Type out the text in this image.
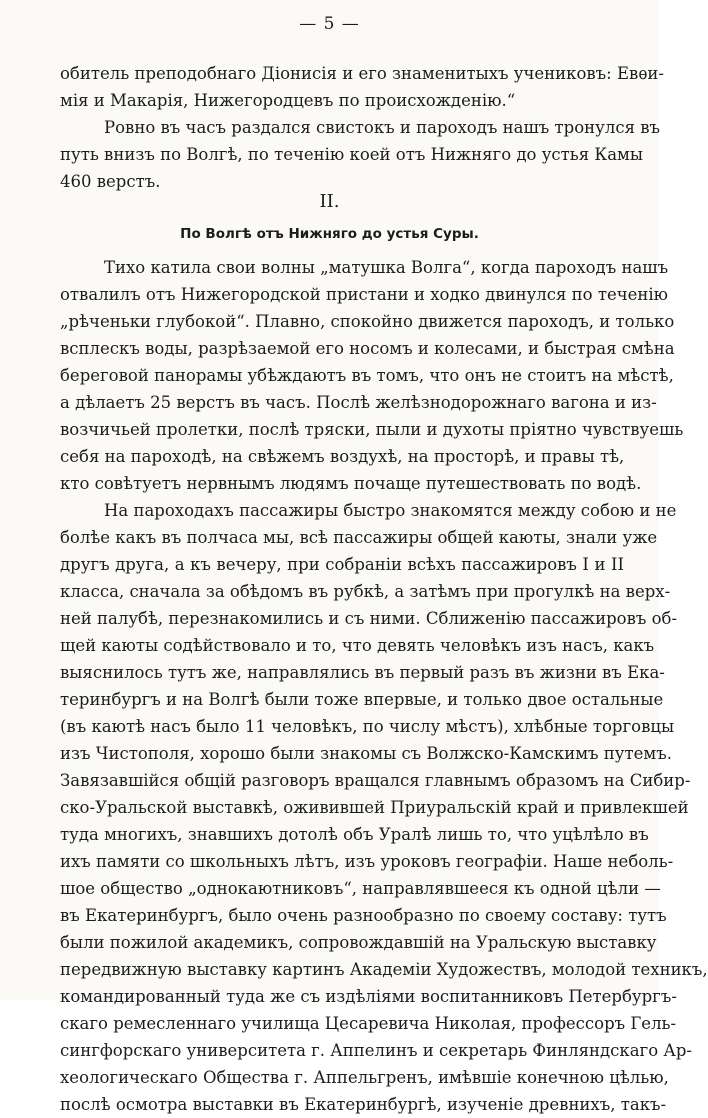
— 5 —
обитель преподобнаго Діонисія и его знаменитыхъ учениковъ: Евѳи-
мія и Макарія, Нижегородцевъ по происхожденію.“
Ровно въ часъ раздался свистокъ и пароходъ нашъ тронулся въ
путь внизъ по Волгѣ, по теченію коей отъ Нижняго до устья Камы
460 верстъ.
II.
По Волгѣ отъ Нижняго до устья Суры.
Тихо катила свои волны „матушка Волга“, когда пароходъ нашъ
отвалилъ отъ Нижегородской пристани и ходко двинулся по теченію
„рѣченьки глубокой“. Плавно, спокойно движется пароходъ, и только
всплескъ воды, разрѣзаемой его носомъ и колесами, и быстрая смѣна
береговой панорамы убѣждаютъ въ томъ, что онъ не стоитъ на мѣстѣ,
а дѣлаетъ 25 верстъ въ часъ. Послѣ желѣзнодорожнаго вагона и из-
возчичьей пролетки, послѣ тряски, пыли и духоты пріятно чувствуешь
себя на пароходѣ, на свѣжемъ воздухѣ, на просторѣ, и правы тѣ,
кто совѣтуетъ нервнымъ людямъ почаще путешествовать по водѣ.
На пароходахъ пассажиры быстро знакомятся между собою и не
болѣе какъ въ полчаса мы, всѣ пассажиры общей каюты, знали уже
другъ друга, а къ вечеру, при собраніи всѣхъ пассажировъ I и II
класса, сначала за обѣдомъ въ рубкѣ, а затѣмъ при прогулкѣ на верх-
ней палубѣ, перезнакомились и съ ними. Сближенію пассажировъ об-
щей каюты содѣйствовало и то, что девять человѣкъ изъ насъ, какъ
выяснилось тутъ же, направлялись въ первый разъ въ жизни въ Ека-
теринбургъ и на Волгѣ были тоже впервые, и только двое остальные
(въ каютѣ насъ было 11 человѣкъ, по числу мѣстъ), хлѣбные торговцы
изъ Чистополя, хорошо были знакомы съ Волжско-Камскимъ путемъ.
Завязавшійся общій разговоръ вращался главнымъ образомъ на Сибир-
ско-Уральской выставкѣ, оживившей Приуральскій край и привлекшей
туда многихъ, знавшихъ дотолѣ объ Уралѣ лишь то, что уцѣлѣло въ
ихъ памяти со школьныхъ лѣтъ, изъ уроковъ географіи. Наше неболь-
шое общество „однокаютниковъ“, направлявшееся къ одной цѣли —
въ Екатеринбургъ, было очень разнообразно по своему составу: тутъ
были пожилой академикъ, сопровождавшій на Уральскую выставку
передвижную выставку картинъ Академіи Художествъ, молодой техникъ,
командированный туда же съ издѣліями воспитанниковъ Петербургъ-
скаго ремесленнаго училища Цесаревича Николая, профессоръ Гель-
сингфорскаго университета г. Аппелинъ и секретарь Финляндскаго Ар-
хеологическаго Общества г. Аппельгренъ, имѣвшіе конечною цѣлью,
послѣ осмотра выставки въ Екатеринбургѣ, изученіе древнихъ, такъ-
